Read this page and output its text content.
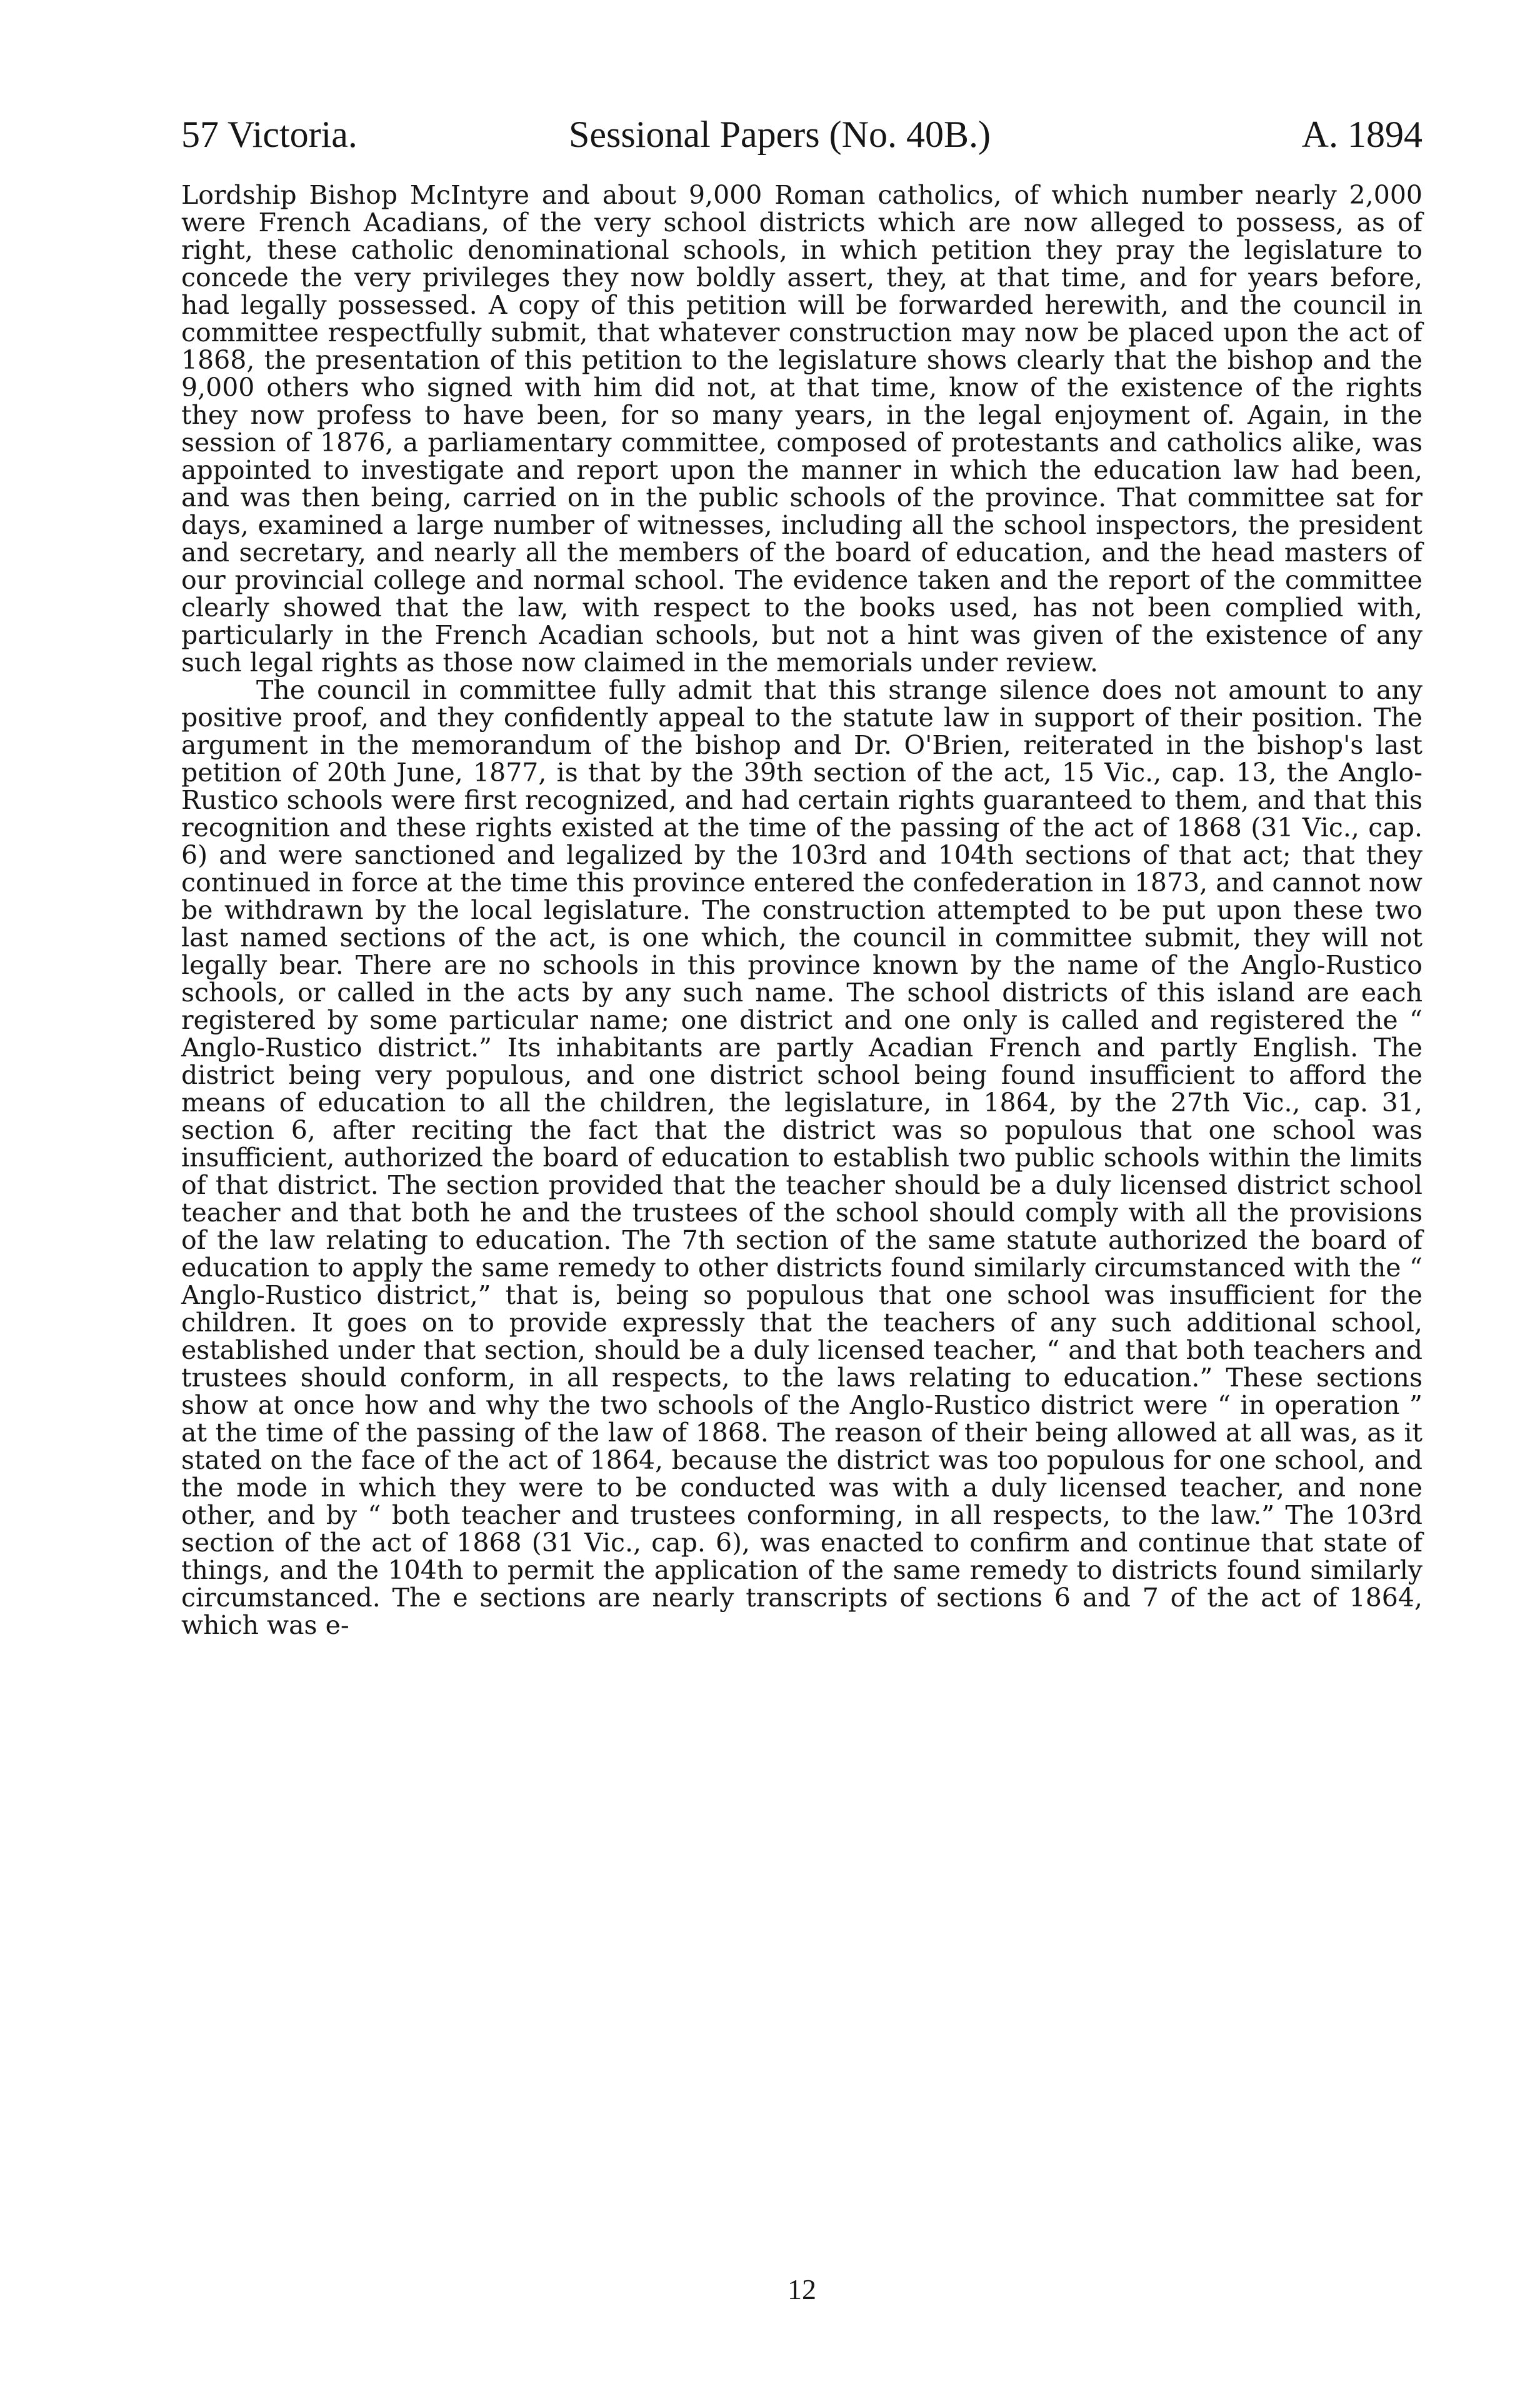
57 Victoria.	Sessional Papers (No. 40B.)	A. 1894

Lordship Bishop McIntyre and about 9,000 Roman catholics, of which number nearly 2,000 were French Acadians, of the very school districts which are now alleged to possess, as of right, these catholic denominational schools, in which petition they pray the legislature to concede the very privileges they now boldly assert, they, at that time, and for years before, had legally possessed. A copy of this petition will be forwarded herewith, and the council in committee respectfully submit, that whatever construction may now be placed upon the act of 1868, the presentation of this petition to the legislature shows clearly that the bishop and the 9,000 others who signed with him did not, at that time, know of the existence of the rights they now profess to have been, for so many years, in the legal enjoyment of. Again, in the session of 1876, a parliamentary committee, composed of protestants and catholics alike, was appointed to investigate and report upon the manner in which the education law had been, and was then being, carried on in the public schools of the province. That committee sat for days, examined a large number of witnesses, including all the school inspectors, the president and secretary, and nearly all the members of the board of education, and the head masters of our provincial college and normal school. The evidence taken and the report of the committee clearly showed that the law, with respect to the books used, has not been complied with, particularly in the French Acadian schools, but not a hint was given of the existence of any such legal rights as those now claimed in the memorials under review.

The council in committee fully admit that this strange silence does not amount to any positive proof, and they confidently appeal to the statute law in support of their position. The argument in the memorandum of the bishop and Dr. O'Brien, reiterated in the bishop's last petition of 20th June, 1877, is that by the 39th section of the act, 15 Vic., cap. 13, the Anglo-Rustico schools were first recognized, and had certain rights guaranteed to them, and that this recognition and these rights existed at the time of the passing of the act of 1868 (31 Vic., cap. 6) and were sanctioned and legalized by the 103rd and 104th sections of that act; that they continued in force at the time this province entered the confederation in 1873, and cannot now be withdrawn by the local legislature. The construction attempted to be put upon these two last named sections of the act, is one which, the council in committee submit, they will not legally bear. There are no schools in this province known by the name of the Anglo-Rustico schools, or called in the acts by any such name. The school districts of this island are each registered by some particular name; one district and one only is called and registered the “ Anglo-Rustico district.” Its inhabitants are partly Acadian French and partly English. The district being very populous, and one district school being found insufficient to afford the means of education to all the children, the legislature, in 1864, by the 27th Vic., cap. 31, section 6, after reciting the fact that the district was so populous that one school was insufficient, authorized the board of education to establish two public schools within the limits of that district. The section provided that the teacher should be a duly licensed district school teacher and that both he and the trustees of the school should comply with all the provisions of the law relating to education. The 7th section of the same statute authorized the board of education to apply the same remedy to other districts found similarly circumstanced with the “ Anglo-Rustico district,” that is, being so populous that one school was insufficient for the children. It goes on to provide expressly that the teachers of any such additional school, established under that section, should be a duly licensed teacher, “ and that both teachers and trustees should conform, in all respects, to the laws relating to education.” These sections show at once how and why the two schools of the Anglo-Rustico district were “ in operation ” at the time of the passing of the law of 1868. The reason of their being allowed at all was, as it stated on the face of the act of 1864, because the district was too populous for one school, and the mode in which they were to be conducted was with a duly licensed teacher, and none other, and by “ both teacher and trustees conforming, in all respects, to the law.” The 103rd section of the act of 1868 (31 Vic., cap. 6), was enacted to confirm and continue that state of things, and the 104th to permit the application of the same remedy to districts found similarly circumstanced. The e sections are nearly transcripts of sections 6 and 7 of the act of 1864, which was e-

12
